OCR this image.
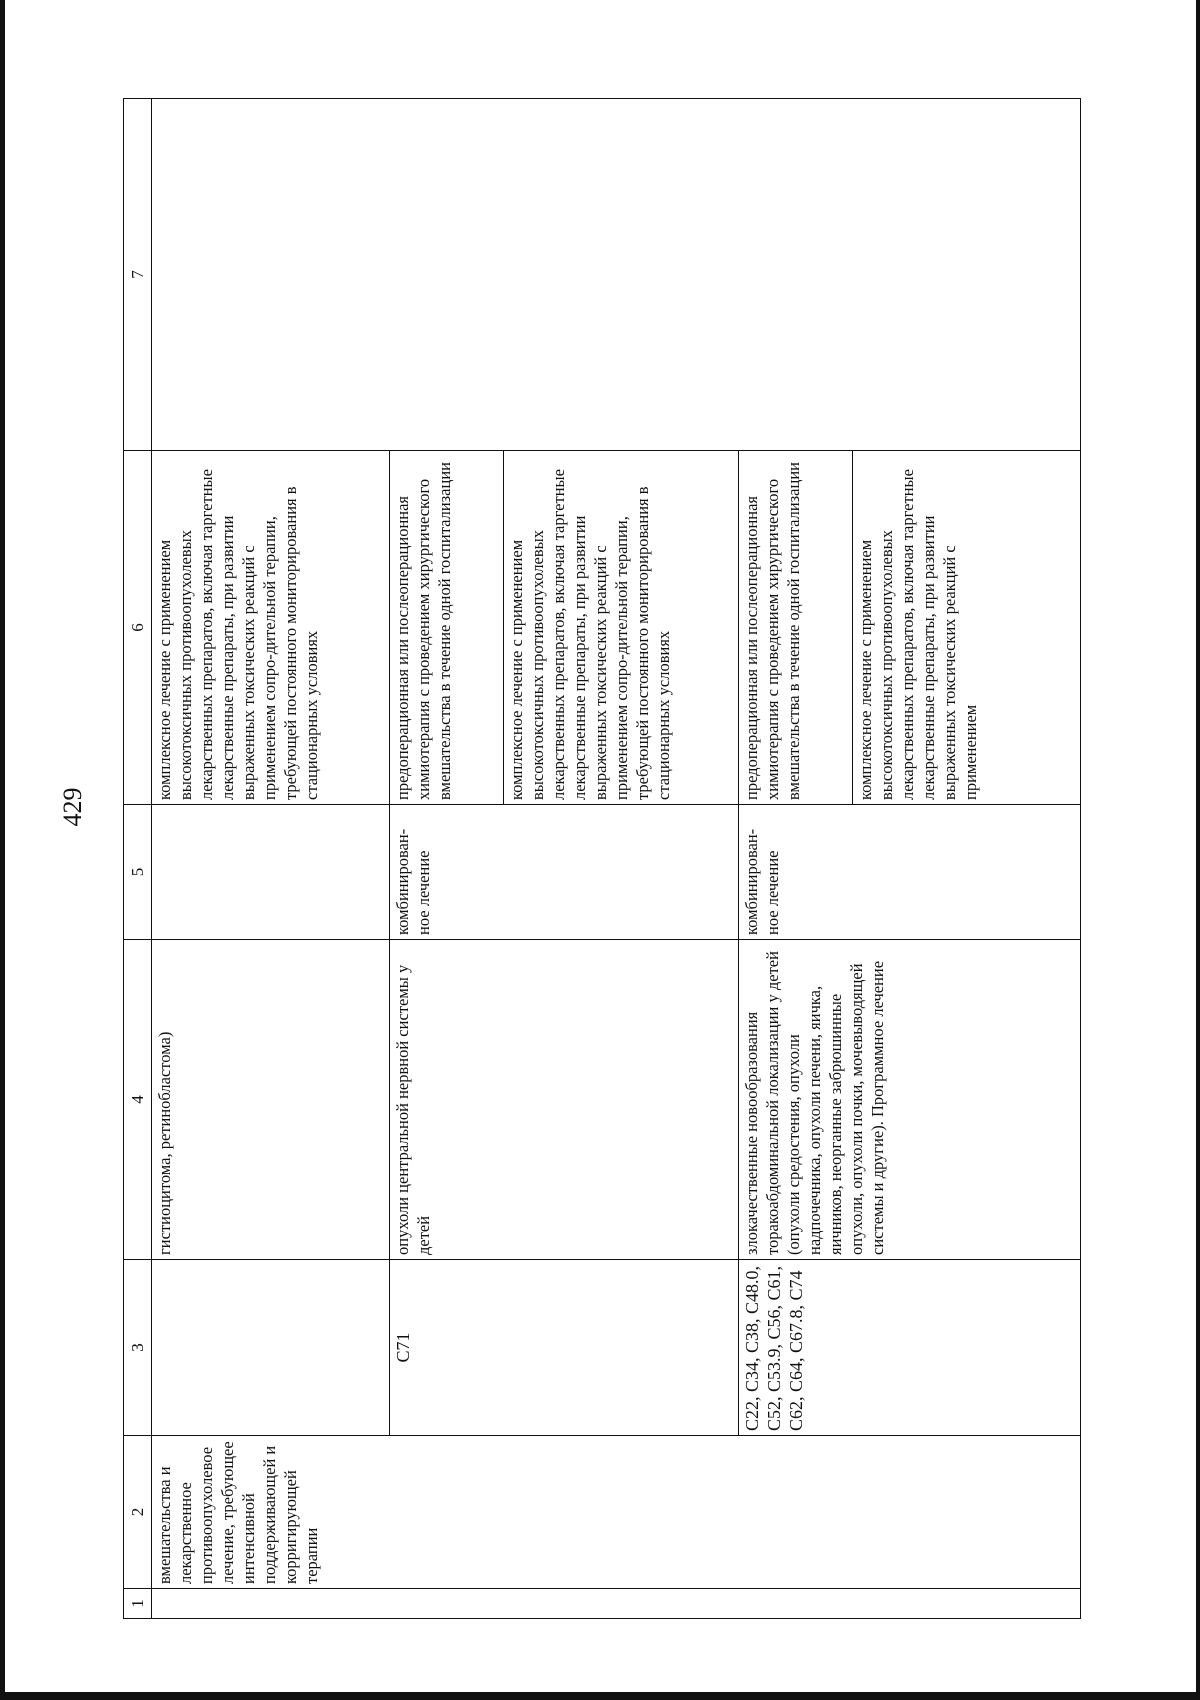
429
1	2	3	4	5	6	7
	вмешательства и лекарственное противоопухолевое лечение, требующее интенсивной поддерживающей и корригирующей терапии		гистиоцитома, ретинобластома)		комплексное лечение с применением высокотоксичных противоопухолевых лекарственных препаратов, включая таргетные лекарственные препараты, при развитии выраженных токсических реакций с применением сопро-дительной терапии, требующей постоянного мониторирования в стационарных условиях	
		C71	опухоли центральной нервной системы у детей	комбинирован-ное лечение	предоперационная или послеоперационная химиотерапия с проведением хирургического вмешательства в течение одной госпитализации	
					комплексное лечение с применением высокотоксичных противоопухолевых лекарственных препаратов, включая таргетные лекарственные препараты, при развитии выраженных токсических реакций с применением сопро-дительной терапии, требующей постоянного мониторирования в стационарных условиях	
		C22, C34, C38, C48.0, C52, C53.9, C56, C61, C62, C64, C67.8, C74	злокачественные новообразования торакоабдоминальной локализации у детей (опухоли средостения, опухоли надпочечника, опухоли печени, яичка, яичников, неорганные забрюшинные опухоли, опухоли почки, мочевыводящей системы и другие). Программное лечение	комбинирован-ное лечение	предоперационная или послеоперационная химиотерапия с проведением хирургического вмешательства в течение одной госпитализации	
					комплексное лечение с применением высокотоксичных противоопухолевых лекарственных препаратов, включая таргетные лекарственные препараты, при развитии выраженных токсических реакций с применением	
